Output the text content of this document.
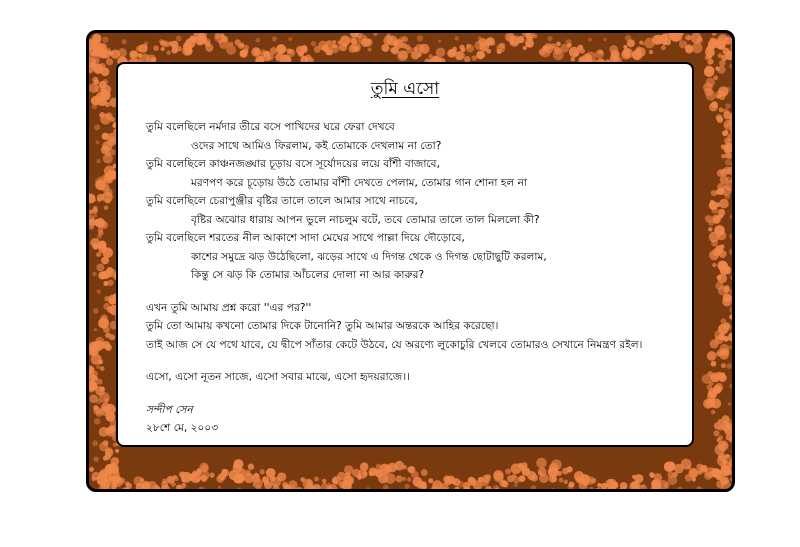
তুমি এসো
তুমি বলেছিলে নর্মদার তীরে বসে পাখিদের ঘরে ফেরা দেখবে
ওদের সাথে আমিও ফিরলাম, কই তোমাকে দেখলাম না তো?
তুমি বলেছিলে কাঞ্চনজঙ্ঘার চূড়ায় বসে সূর্যোদয়ের লয়ে বাঁশী বাজাবে,
মরণপণ করে চূড়োয় উঠে তোমার বাঁশী দেখতে পেলাম, তোমার গান শোনা হল না
তুমি বলেছিলে চেরাপুঞ্জীর বৃষ্টির তালে তালে আমার সাথে নাচবে,
বৃষ্টির অঝোর ধারায় আপন ভুলে নাচলুম বটে, তবে তোমার তালে তাল মিললো কী?
তুমি বলেছিলে শরতের নীল আকাশে সাদা মেঘের সাথে পাল্লা দিয়ে দৌড়োবে,
কাশের সমুদ্রে ঝড় উঠেছিলো, ঝড়ের সাথে এ দিগন্ত থেকে ও দিগন্ত ছোটাছুটি করলাম,
কিন্তু সে ঝড় কি তোমার আঁচলের দোলা না আর কারুর?
এখন তুমি আমায় প্রশ্ন করো ''এর পর?''
তুমি তো আমায় কখনো তোমার দিকে টানোনি? তুমি আমার অন্তরকে আহির করেছো।
তাই আজ সে যে পথে যাবে, যে দ্বীপে সাঁতার কেটে উঠবে, যে অরণ্যে লুকোচুরি খেলবে তোমারও সেখানে নিমন্ত্রণ রইল।
এসো, এসো নূতন সাজে, এসো সবার মাঝে, এসো হৃদয়রাজে।।
সন্দীপ সেন
২৮শে মে, ২০০৩
